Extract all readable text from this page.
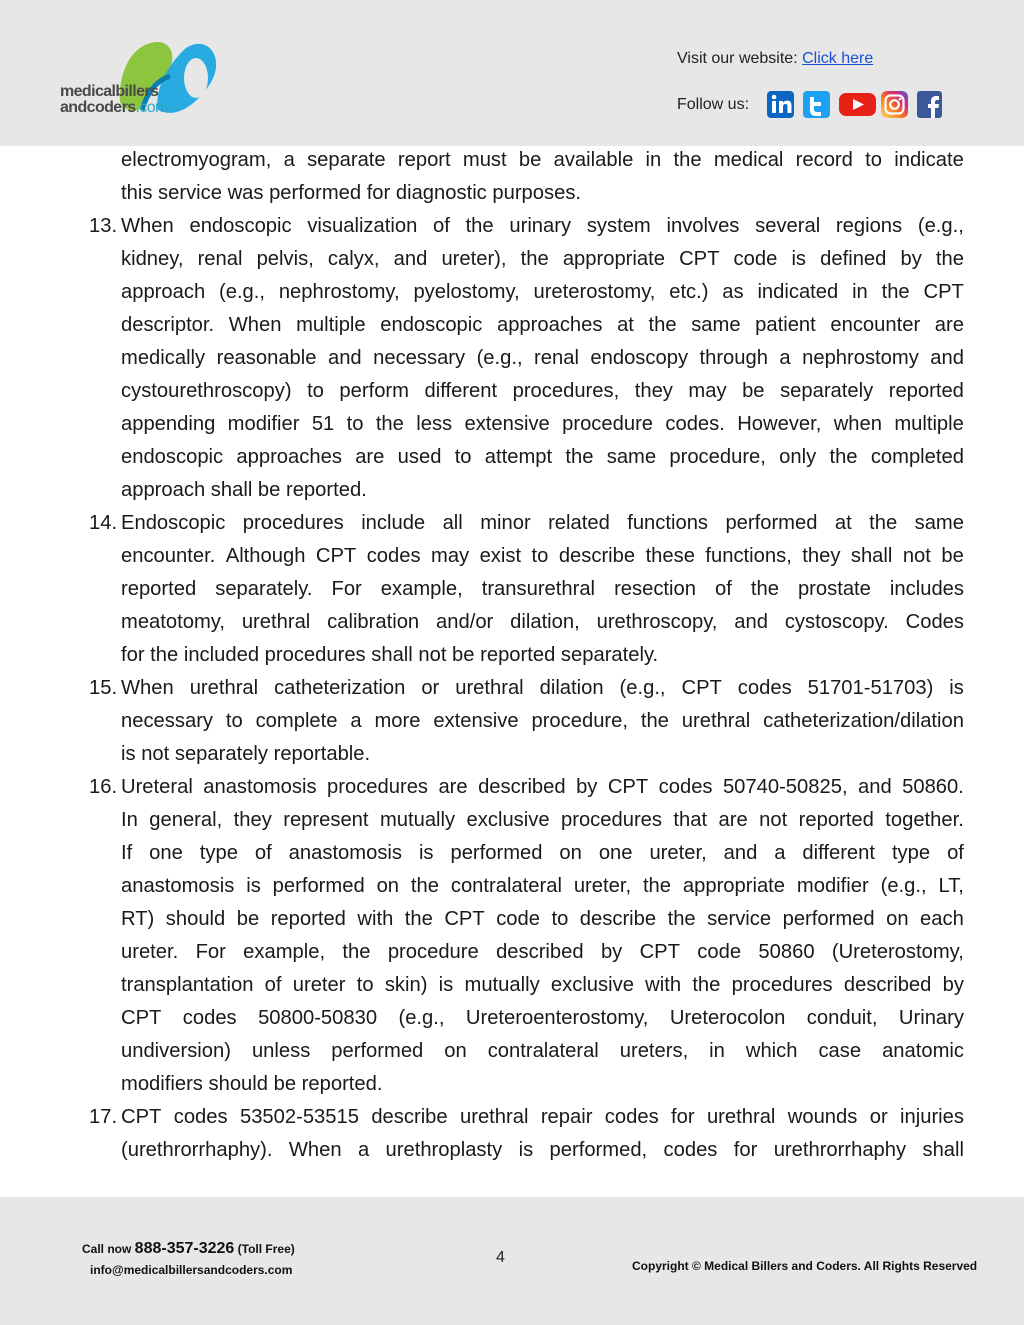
medicalbillers
andcoders.com
Visit our website: Click here
Follow us:
electromyogram, a separate report must be available in the medical record to indicate
this service was performed for diagnostic purposes.
13. When endoscopic visualization of the urinary system involves several regions (e.g.,
kidney, renal pelvis, calyx, and ureter), the appropriate CPT code is defined by the
approach (e.g., nephrostomy, pyelostomy, ureterostomy, etc.) as indicated in the CPT
descriptor. When multiple endoscopic approaches at the same patient encounter are
medically reasonable and necessary (e.g., renal endoscopy through a nephrostomy and
cystourethroscopy) to perform different procedures, they may be separately reported
appending modifier 51 to the less extensive procedure codes. However, when multiple
endoscopic approaches are used to attempt the same procedure, only the completed
approach shall be reported.
14. Endoscopic procedures include all minor related functions performed at the same
encounter. Although CPT codes may exist to describe these functions, they shall not be
reported separately. For example, transurethral resection of the prostate includes
meatotomy, urethral calibration and/or dilation, urethroscopy, and cystoscopy. Codes
for the included procedures shall not be reported separately.
15. When urethral catheterization or urethral dilation (e.g., CPT codes 51701-51703) is
necessary to complete a more extensive procedure, the urethral catheterization/dilation
is not separately reportable.
16. Ureteral anastomosis procedures are described by CPT codes 50740-50825, and 50860.
In general, they represent mutually exclusive procedures that are not reported together.
If one type of anastomosis is performed on one ureter, and a different type of
anastomosis is performed on the contralateral ureter, the appropriate modifier (e.g., LT,
RT) should be reported with the CPT code to describe the service performed on each
ureter. For example, the procedure described by CPT code 50860 (Ureterostomy,
transplantation of ureter to skin) is mutually exclusive with the procedures described by
CPT codes 50800-50830 (e.g., Ureteroenterostomy, Ureterocolon conduit, Urinary
undiversion) unless performed on contralateral ureters, in which case anatomic
modifiers should be reported.
17. CPT codes 53502-53515 describe urethral repair codes for urethral wounds or injuries
(urethrorrhaphy). When a urethroplasty is performed, codes for urethrorrhaphy shall
Call now 888-357-3226 (Toll Free)
info@medicalbillersandcoders.com
4	Copyright © Medical Billers and Coders. All Rights Reserved
